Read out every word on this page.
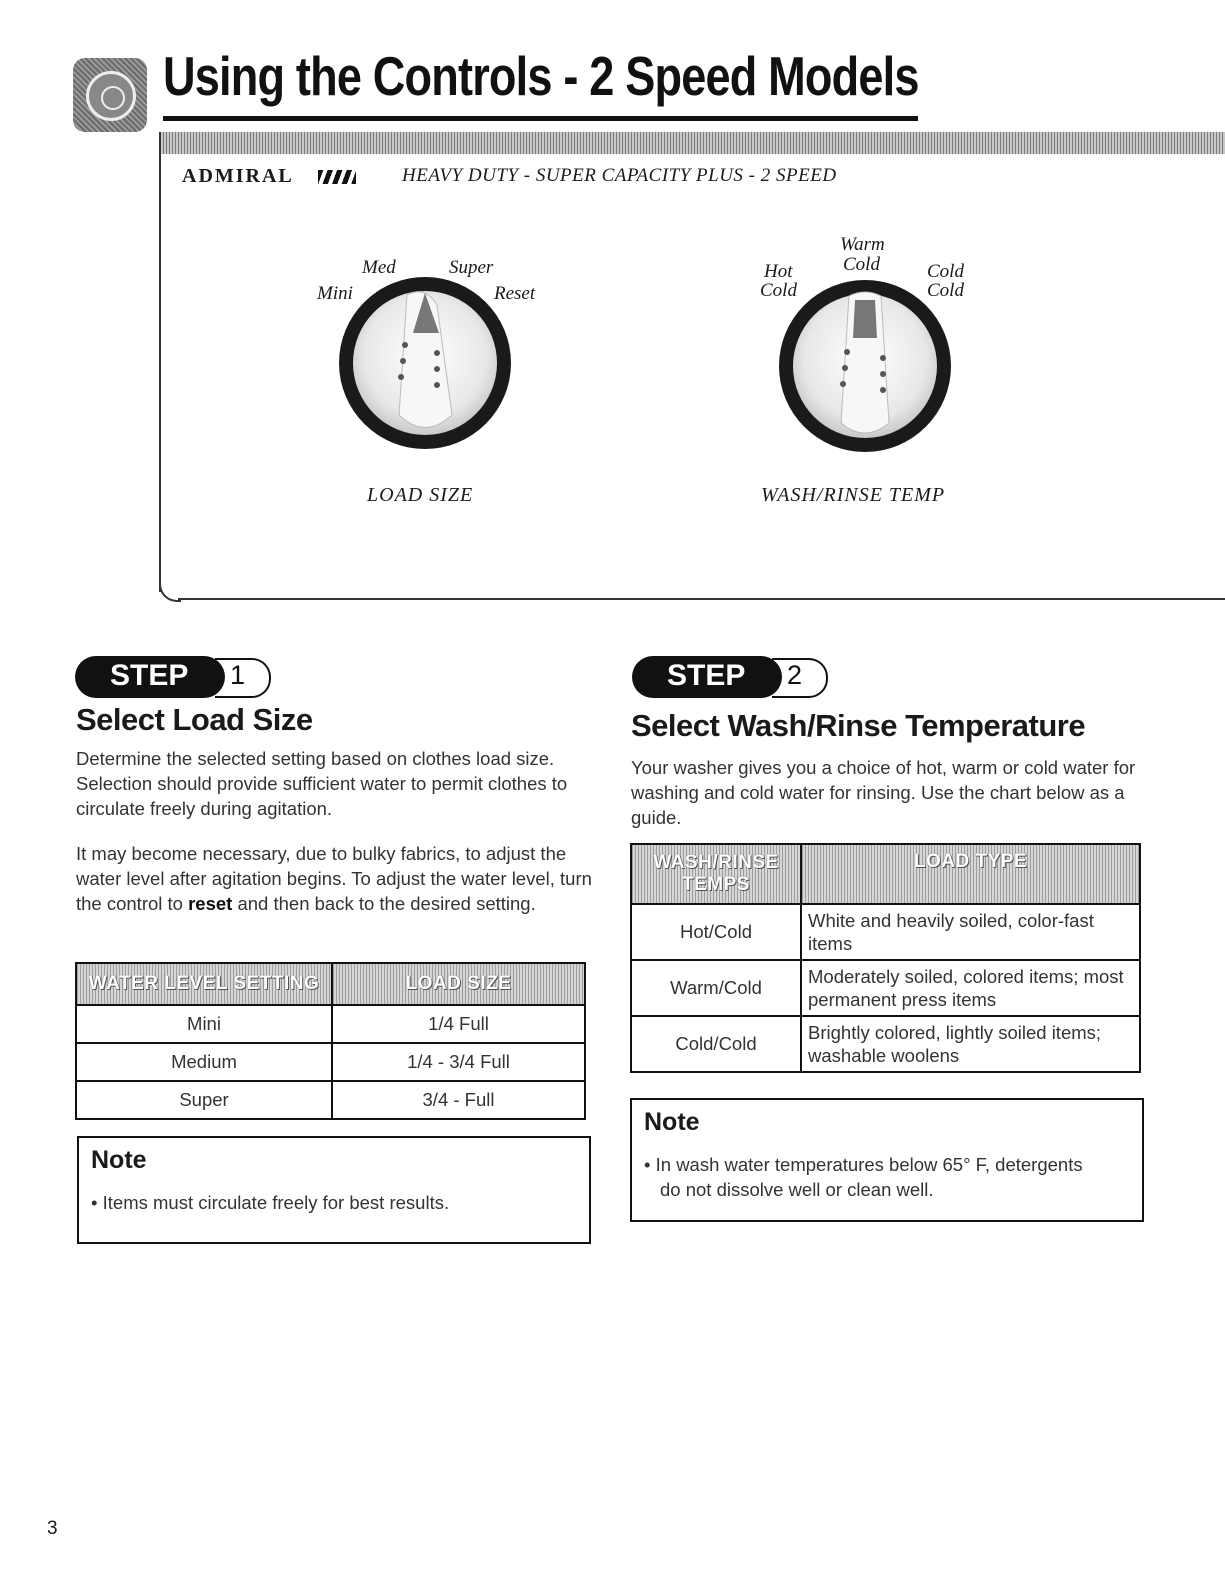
Using the Controls - 2 Speed Models
ADMIRAL	HEAVY DUTY - SUPER CAPACITY PLUS - 2 SPEED
Med	Super
Mini	Reset
LOAD SIZE
Warm
Cold
Hot
Cold
Cold
Cold
WASH/RINSE TEMP
STEP 1
Select Load Size
Determine the selected setting based on clothes load size. Selection should provide sufficient water to permit clothes to circulate freely during agitation.
It may become necessary, due to bulky fabrics, to adjust the water level after agitation begins. To adjust the water level, turn the control to reset and then back to the desired setting.
WATER LEVEL SETTING	LOAD SIZE
Mini	1/4 Full
Medium	1/4 - 3/4 Full
Super	3/4 - Full
Note
• Items must circulate freely for best results.
STEP 2
Select Wash/Rinse Temperature
Your washer gives you a choice of hot, warm or cold water for washing and cold water for rinsing. Use the chart below as a guide.
WASH/RINSE TEMPS	LOAD TYPE
Hot/Cold	White and heavily soiled, color-fast items
Warm/Cold	Moderately soiled, colored items; most permanent press items
Cold/Cold	Brightly colored, lightly soiled items; washable woolens
Note
• In wash water temperatures below 65° F, detergents do not dissolve well or clean well.
3
